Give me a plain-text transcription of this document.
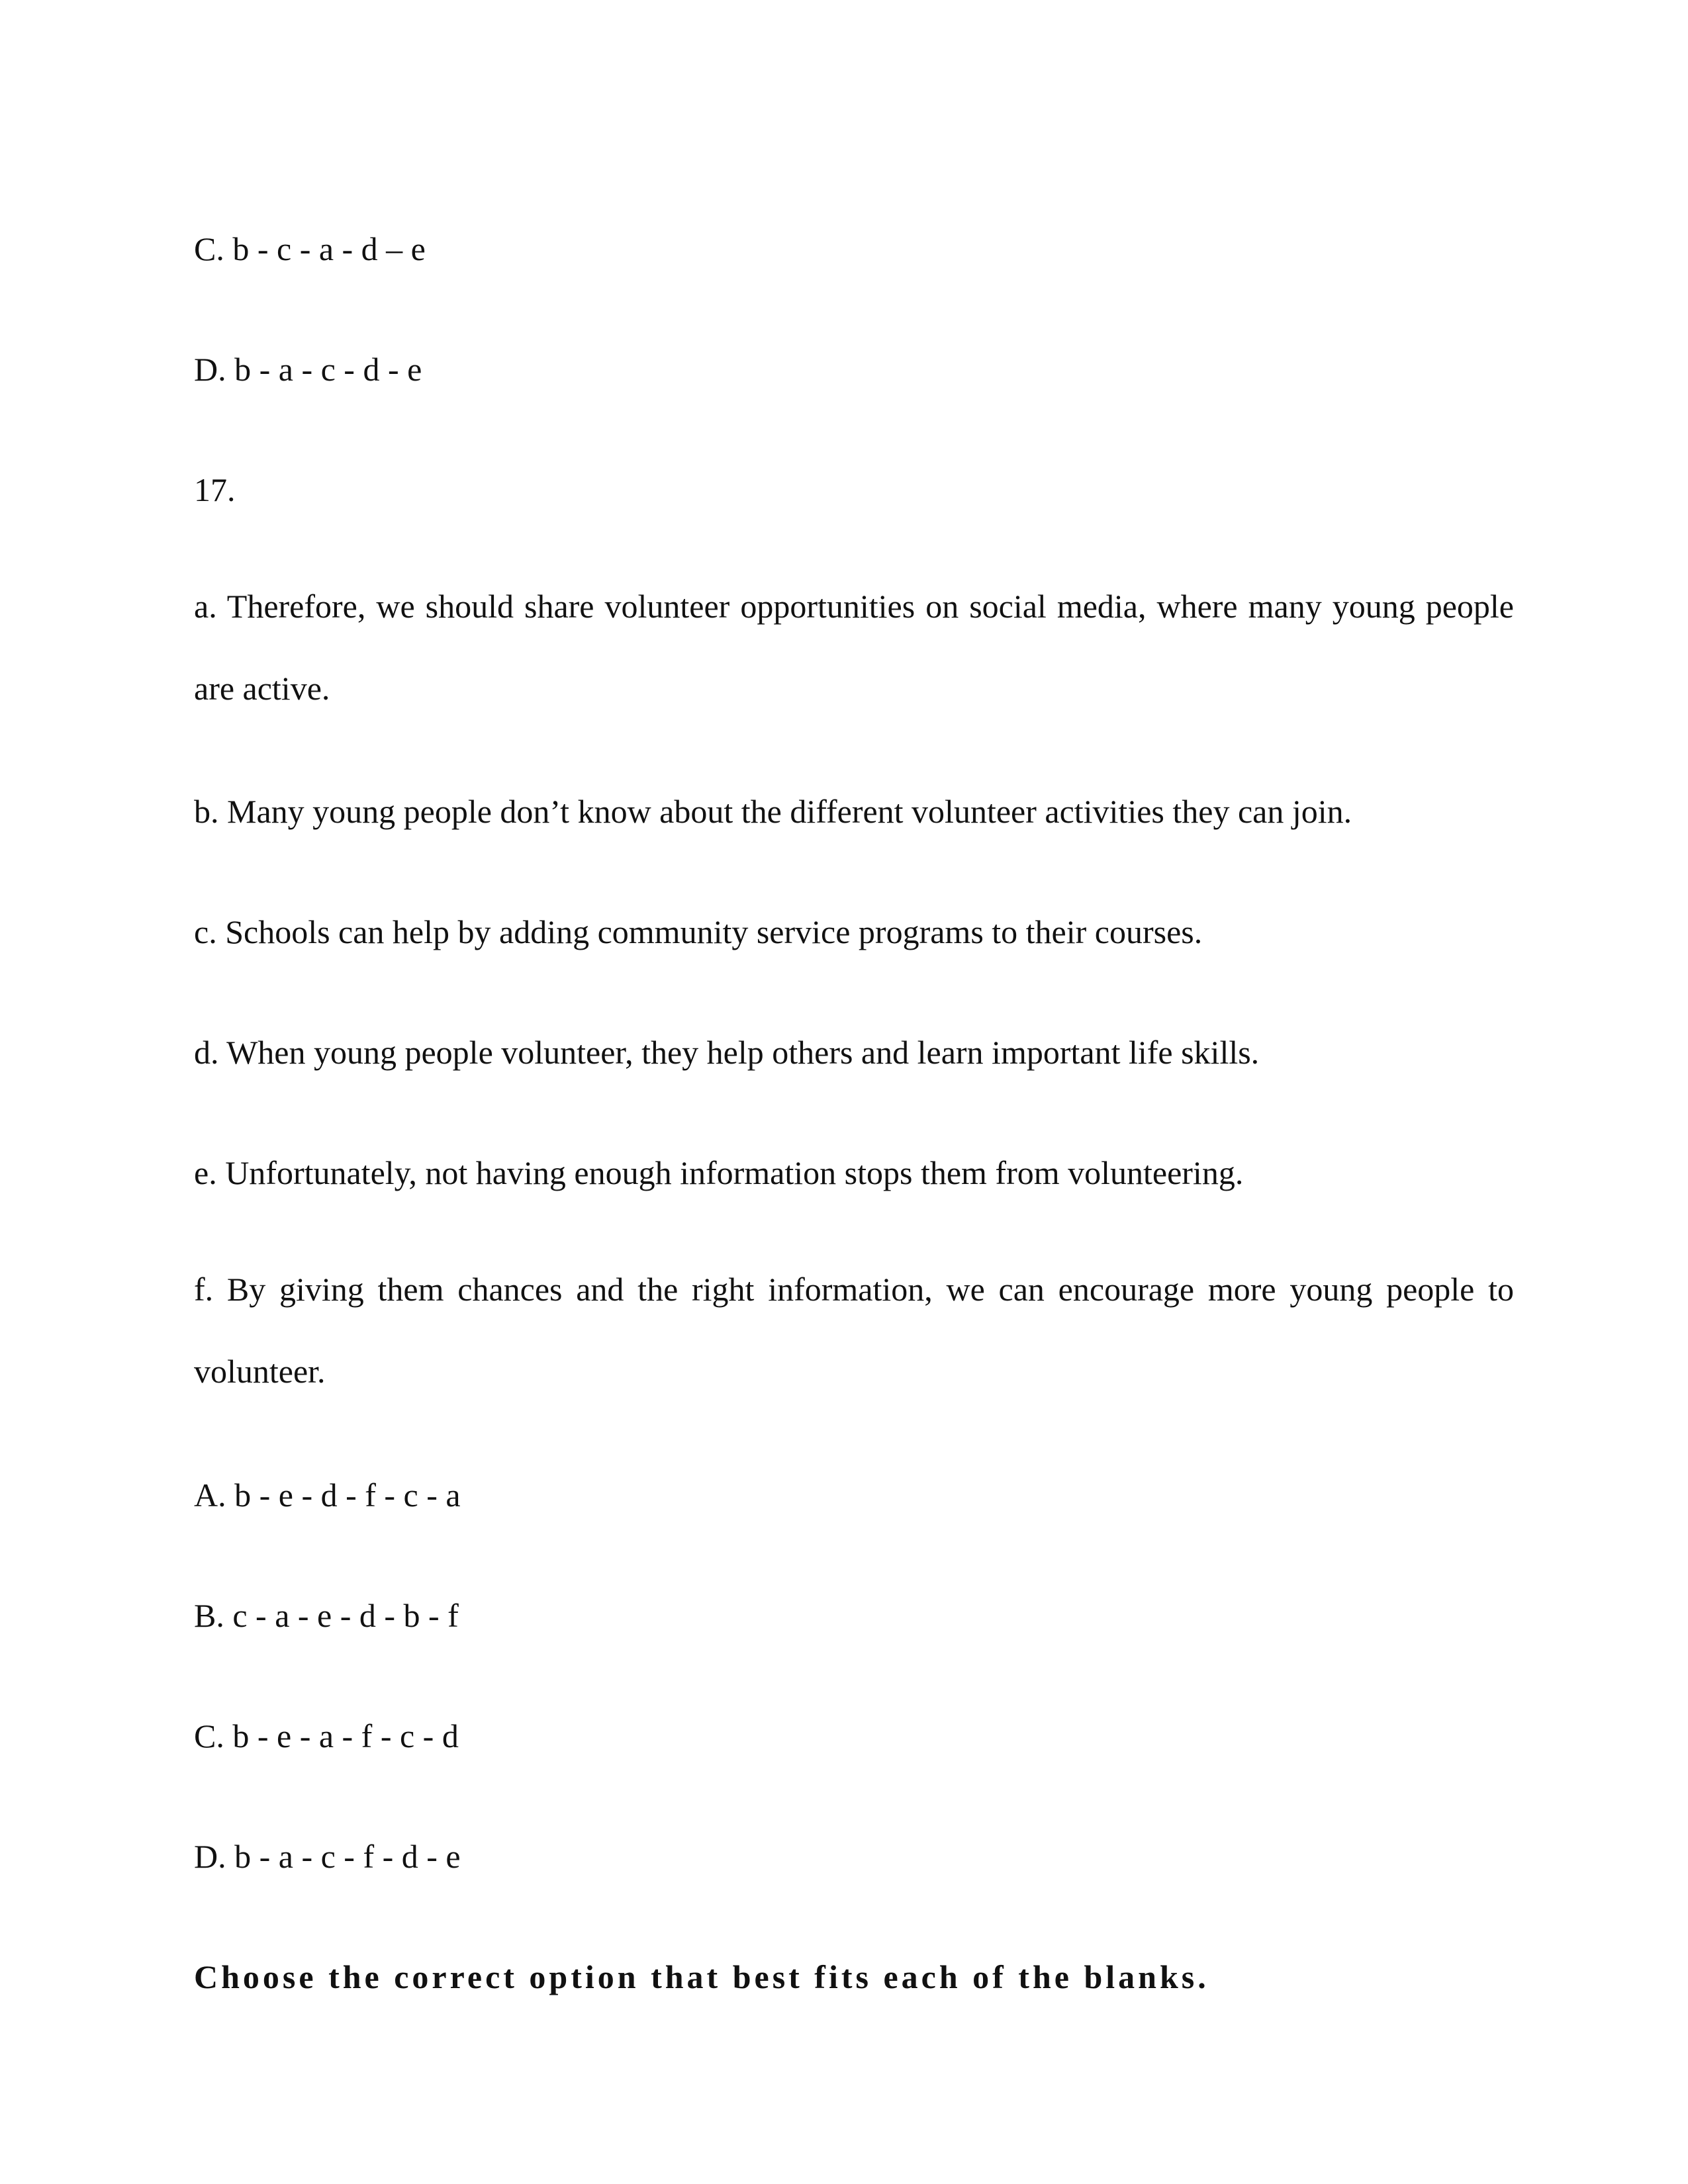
C. b - c - a - d – e
D. b - a - c - d - e
17.
a. Therefore, we should share volunteer opportunities on social media, where many young people are active.
b. Many young people don’t know about the different volunteer activities they can join.
c. Schools can help by adding community service programs to their courses.
d. When young people volunteer, they help others and learn important life skills.
e. Unfortunately, not having enough information stops them from volunteering.
f. By giving them chances and the right information, we can encourage more young people to volunteer.
A. b - e - d - f - c - a
B. c - a - e - d - b - f
C. b - e - a - f - c - d
D. b - a - c - f - d - e
Choose the correct option that best fits each of the blanks.
